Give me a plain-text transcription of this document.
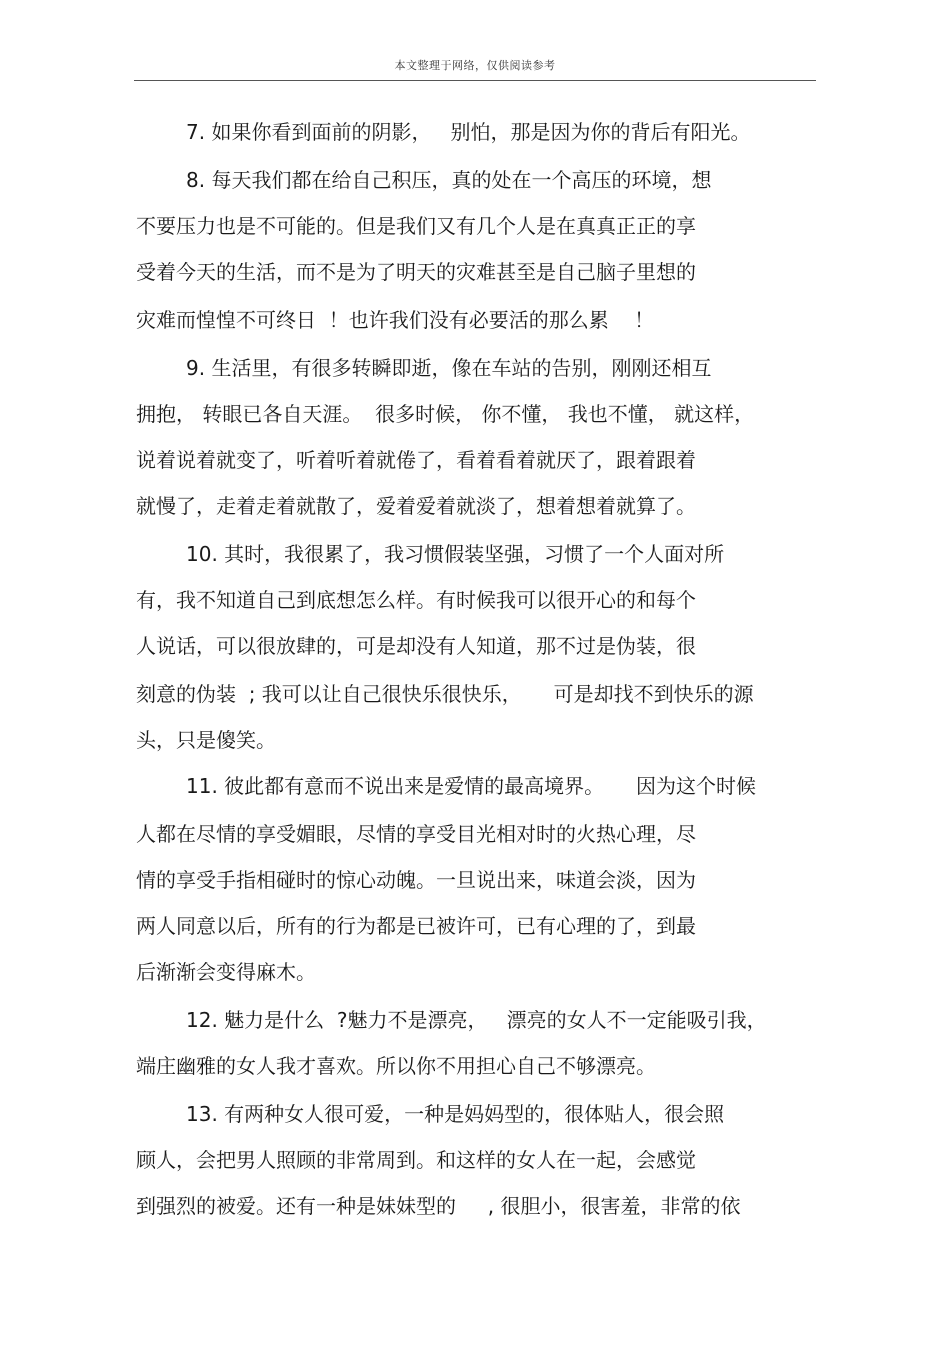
本文整理于网络，仅供阅读参考
7. 如果你看到面前的阴影，   别怕，那是因为你的背后有阳光。
8. 每天我们都在给自己积压，真的处在一个高压的环境，想
不要压力也是不可能的。但是我们又有几个人是在真真正正的享
受着今天的生活，而不是为了明天的灾难甚至是自己脑子里想的
灾难而惶惶不可终日  ！也许我们没有必要活的那么累    ！
9. 生活里，有很多转瞬即逝，像在车站的告别，刚刚还相互
拥抱， 转眼已各自天涯。  很多时候， 你不懂， 我也不懂， 就这样，
说着说着就变了，听着听着就倦了，看着看着就厌了，跟着跟着
就慢了，走着走着就散了，爱着爱着就淡了，想着想着就算了。
10. 其时，我很累了，我习惯假装坚强，习惯了一个人面对所
有，我不知道自己到底想怎么样。有时候我可以很开心的和每个
人说话，可以很放肆的，可是却没有人知道，那不过是伪装，很
刻意的伪装  ; 我可以让自己很快乐很快乐，     可是却找不到快乐的源
头，只是傻笑。
11. 彼此都有意而不说出来是爱情的最高境界。     因为这个时候
人都在尽情的享受媚眼，尽情的享受目光相对时的火热心理，尽
情的享受手指相碰时的惊心动魄。一旦说出来，味道会淡，因为
两人同意以后，所有的行为都是已被许可，已有心理的了，到最
后渐渐会变得麻木。
12. 魅力是什么  ?魅力不是漂亮，   漂亮的女人不一定能吸引我，
端庄幽雅的女人我才喜欢。所以你不用担心自己不够漂亮。
13. 有两种女人很可爱，一种是妈妈型的，很体贴人，很会照
顾人，会把男人照顾的非常周到。和这样的女人在一起，会感觉
到强烈的被爱。还有一种是妹妹型的     , 很胆小，很害羞，非常的依
